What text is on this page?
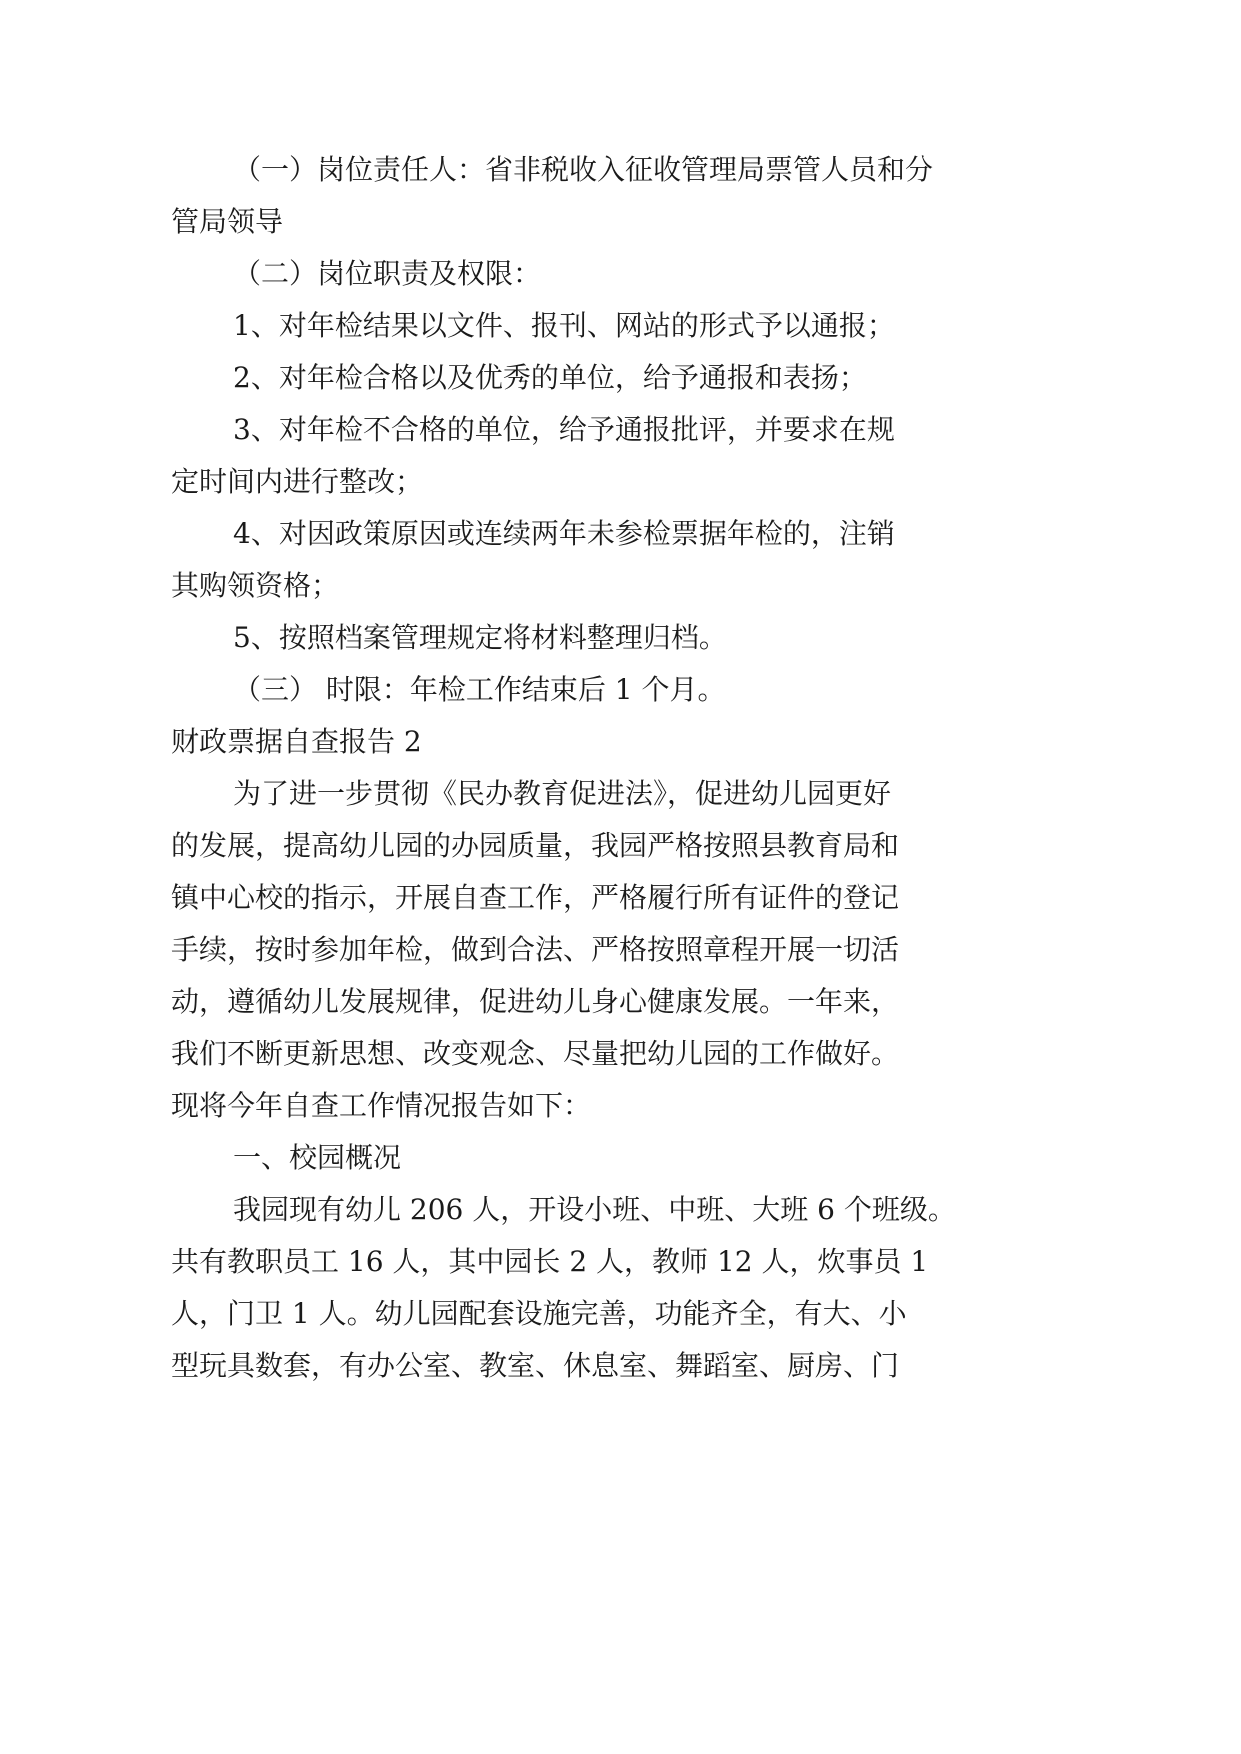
（一）岗位责任人：省非税收入征收管理局票管人员和分
管局领导
（二）岗位职责及权限：
1、对年检结果以文件、报刊、网站的形式予以通报；
2、对年检合格以及优秀的单位，给予通报和表扬；
3、对年检不合格的单位，给予通报批评，并要求在规
定时间内进行整改；
4、对因政策原因或连续两年未参检票据年检的，注销
其购领资格；
5、按照档案管理规定将材料整理归档。
（三） 时限：年检工作结束后 1 个月。
财政票据自查报告 2
为了进一步贯彻《民办教育促进法》，促进幼儿园更好
的发展，提高幼儿园的办园质量，我园严格按照县教育局和
镇中心校的指示，开展自查工作，严格履行所有证件的登记
手续，按时参加年检，做到合法、严格按照章程开展一切活
动，遵循幼儿发展规律，促进幼儿身心健康发展。一年来，
我们不断更新思想、改变观念、尽量把幼儿园的工作做好。
现将今年自查工作情况报告如下：
一、校园概况
我园现有幼儿 206 人，开设小班、中班、大班 6 个班级。
共有教职员工 16 人，其中园长 2 人，教师 12 人，炊事员 1
人，门卫 1 人。幼儿园配套设施完善，功能齐全，有大、小
型玩具数套，有办公室、教室、休息室、舞蹈室、厨房、门
